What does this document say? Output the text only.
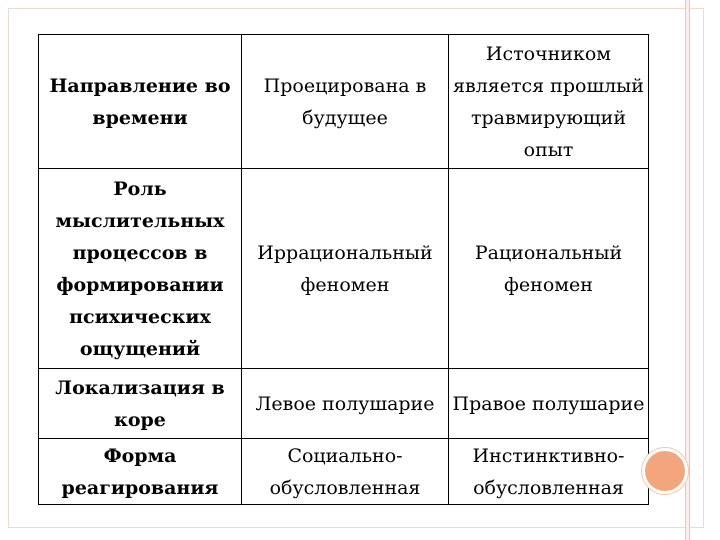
Направление во времени	Проецирована в будущее	Источником является прошлый травмирующий опыт
Роль мыслительных процессов в формировании психических ощущений	Иррациональный феномен	Рациональный феномен
Локализация в коре	Левое полушарие	Правое полушарие
Форма реагирования	Социально-обусловленная	Инстинктивно-обусловленная
